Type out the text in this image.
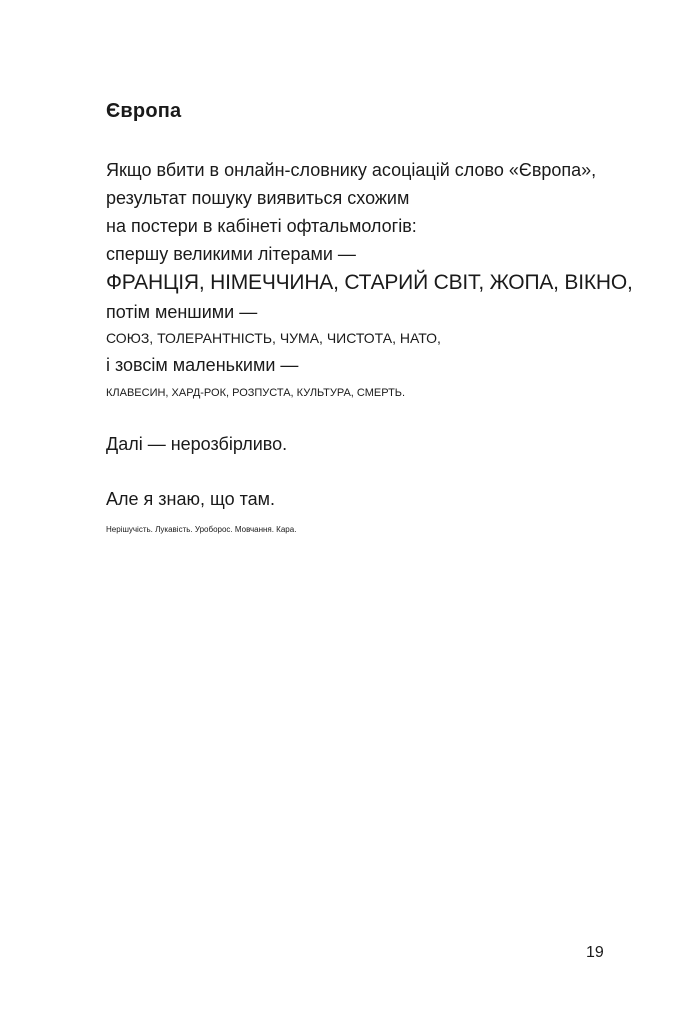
Європа
Якщо вбити в онлайн-словнику асоціацій слово «Європа»,
результат пошуку виявиться схожим
на постери в кабінеті офтальмологів:
спершу великими літерами —
ФРАНЦІЯ, НІМЕЧЧИНА, СТАРИЙ СВІТ, ЖОПА, ВІКНО,
потім меншими —
СОЮЗ, ТОЛЕРАНТНІСТЬ, ЧУМА, ЧИСТОТА, НАТО,
і зовсім маленькими —
КЛАВЕСИН, ХАРД-РОК, РОЗПУСТА, КУЛЬТУРА, СМЕРТЬ.
Далі — нерозбірливо.
Але я знаю, що там.
Нерішучість. Лукавість. Уроборос. Мовчання. Кара.
19
